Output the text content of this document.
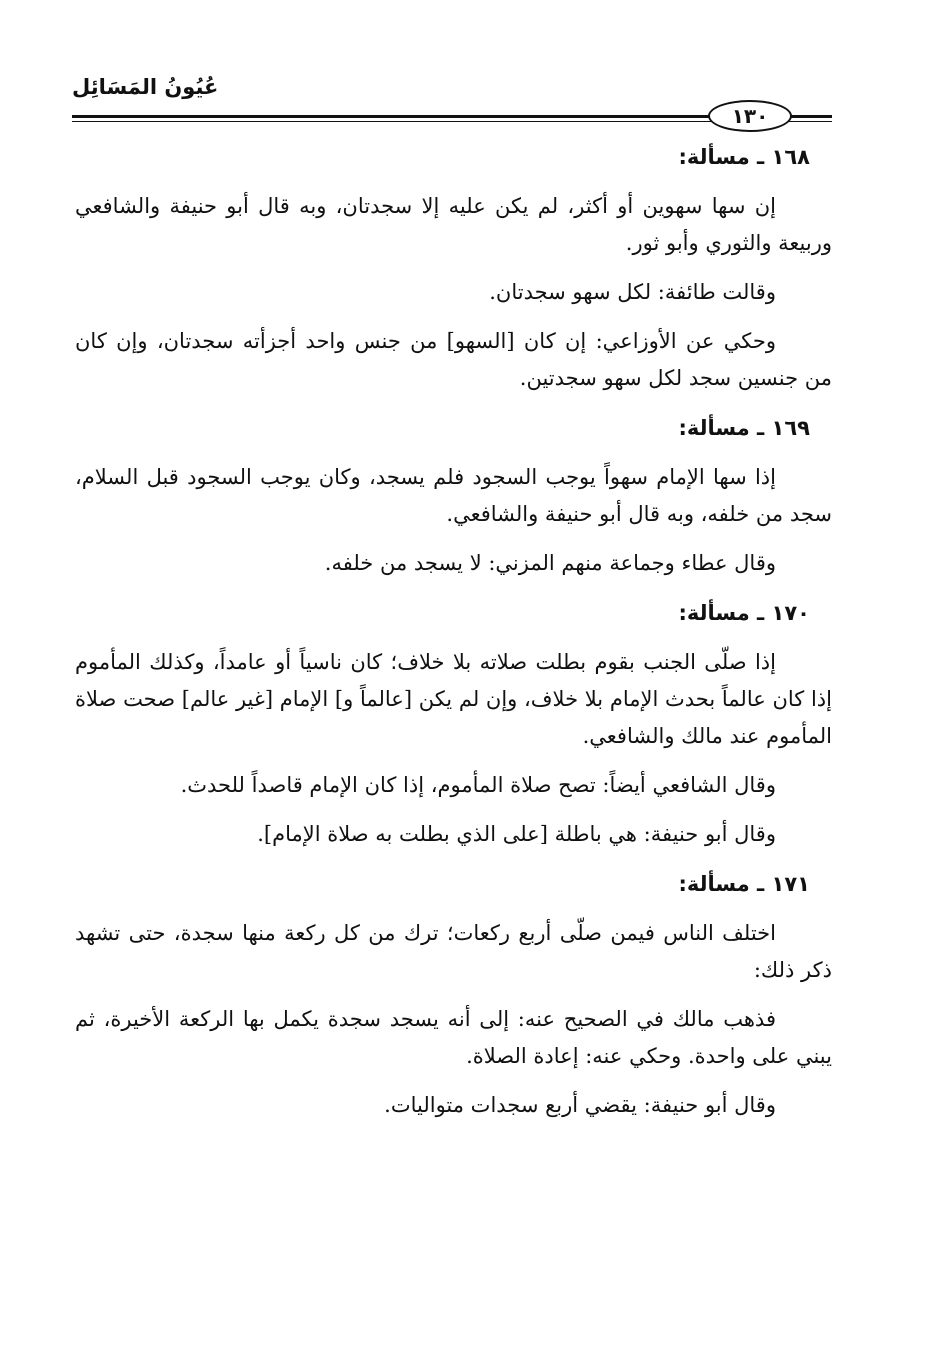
عُيُونُ المَسَائِل
١٣٠
١٦٨ ـ مسألة:

إن سها سهوين أو أكثر، لم يكن عليه إلا سجدتان، وبه قال أبو حنيفة والشافعي وربيعة والثوري وأبو ثور.

وقالت طائفة: لكل سهو سجدتان.

وحكي عن الأوزاعي: إن كان [السهو] من جنس واحد أجزأته سجدتان، وإن كان من جنسين سجد لكل سهو سجدتين.

١٦٩ ـ مسألة:

إذا سها الإمام سهواً يوجب السجود فلم يسجد، وكان يوجب السجود قبل السلام، سجد من خلفه، وبه قال أبو حنيفة والشافعي.

وقال عطاء وجماعة منهم المزني: لا يسجد من خلفه.

١٧٠ ـ مسألة:

إذا صلّى الجنب بقوم بطلت صلاته بلا خلاف؛ كان ناسياً أو عامداً، وكذلك المأموم إذا كان عالماً بحدث الإمام بلا خلاف، وإن لم يكن [عالماً و] الإمام [غير عالم] صحت صلاة المأموم عند مالك والشافعي.

وقال الشافعي أيضاً: تصح صلاة المأموم، إذا كان الإمام قاصداً للحدث.

وقال أبو حنيفة: هي باطلة [على الذي بطلت به صلاة الإمام].

١٧١ ـ مسألة:

اختلف الناس فيمن صلّى أربع ركعات؛ ترك من كل ركعة منها سجدة، حتى تشهد ذكر ذلك:

فذهب مالك في الصحيح عنه: إلى أنه يسجد سجدة يكمل بها الركعة الأخيرة، ثم يبني على واحدة. وحكي عنه: إعادة الصلاة.

وقال أبو حنيفة: يقضي أربع سجدات متواليات.
